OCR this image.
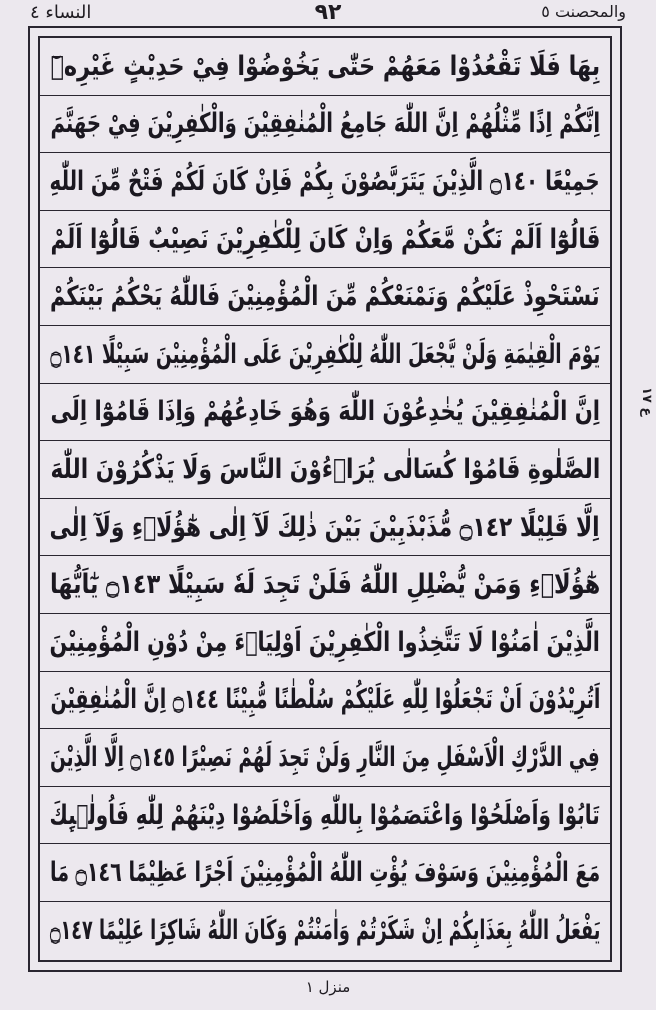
والمحصنت ٥
٩٢
النساء ٤
ع ١٧
بِهَا فَلَا تَقْعُدُوْا مَعَهُمْ حَتّٰى يَخُوْضُوْا فِيْ حَدِيْثٍ غَيْرِهٖٓ
اِنَّكُمْ اِذًا مِّثْلُهُمْ اِنَّ اللّٰهَ جَامِعُ الْمُنٰفِقِيْنَ وَالْكٰفِرِيْنَ فِيْ جَهَنَّمَ
جَمِيْعًا ۝١٤٠ الَّذِيْنَ يَتَرَبَّصُوْنَ بِكُمْ فَاِنْ كَانَ لَكُمْ فَتْحٌ مِّنَ اللّٰهِ
قَالُوْٓا اَلَمْ نَكُنْ مَّعَكُمْ وَاِنْ كَانَ لِلْكٰفِرِيْنَ نَصِيْبٌ قَالُوْٓا اَلَمْ
نَسْتَحْوِذْ عَلَيْكُمْ وَنَمْنَعْكُمْ مِّنَ الْمُؤْمِنِيْنَ فَاللّٰهُ يَحْكُمُ بَيْنَكُمْ
يَوْمَ الْقِيٰمَةِ وَلَنْ يَّجْعَلَ اللّٰهُ لِلْكٰفِرِيْنَ عَلَى الْمُؤْمِنِيْنَ سَبِيْلًا ۝١٤١
اِنَّ الْمُنٰفِقِيْنَ يُخٰدِعُوْنَ اللّٰهَ وَهُوَ خَادِعُهُمْ وَاِذَا قَامُوْٓا اِلَى
الصَّلٰوةِ قَامُوْا كُسَالٰى يُرَاۗءُوْنَ النَّاسَ وَلَا يَذْكُرُوْنَ اللّٰهَ
اِلَّا قَلِيْلًا ۝١٤٢ مُّذَبْذَبِيْنَ بَيْنَ ذٰلِكَ لَآ اِلٰى هٰٓؤُلَاۗءِ وَلَآ اِلٰى
هٰٓؤُلَاۗءِ وَمَنْ يُّضْلِلِ اللّٰهُ فَلَنْ تَجِدَ لَهٗ سَبِيْلًا ۝١٤٣ يٰٓاَيُّهَا
الَّذِيْنَ اٰمَنُوْا لَا تَتَّخِذُوا الْكٰفِرِيْنَ اَوْلِيَاۗءَ مِنْ دُوْنِ الْمُؤْمِنِيْنَ
اَتُرِيْدُوْنَ اَنْ تَجْعَلُوْا لِلّٰهِ عَلَيْكُمْ سُلْطٰنًا مُّبِيْنًا ۝١٤٤ اِنَّ الْمُنٰفِقِيْنَ
فِي الدَّرْكِ الْاَسْفَلِ مِنَ النَّارِ وَلَنْ تَجِدَ لَهُمْ نَصِيْرًا ۝١٤٥ اِلَّا الَّذِيْنَ
تَابُوْا وَاَصْلَحُوْا وَاعْتَصَمُوْا بِاللّٰهِ وَاَخْلَصُوْا دِيْنَهُمْ لِلّٰهِ فَاُولٰۗىِٕكَ
مَعَ الْمُؤْمِنِيْنَ وَسَوْفَ يُؤْتِ اللّٰهُ الْمُؤْمِنِيْنَ اَجْرًا عَظِيْمًا ۝١٤٦ مَا
يَفْعَلُ اللّٰهُ بِعَذَابِكُمْ اِنْ شَكَرْتُمْ وَاٰمَنْتُمْ وَكَانَ اللّٰهُ شَاكِرًا عَلِيْمًا ۝١٤٧
منزل ١
